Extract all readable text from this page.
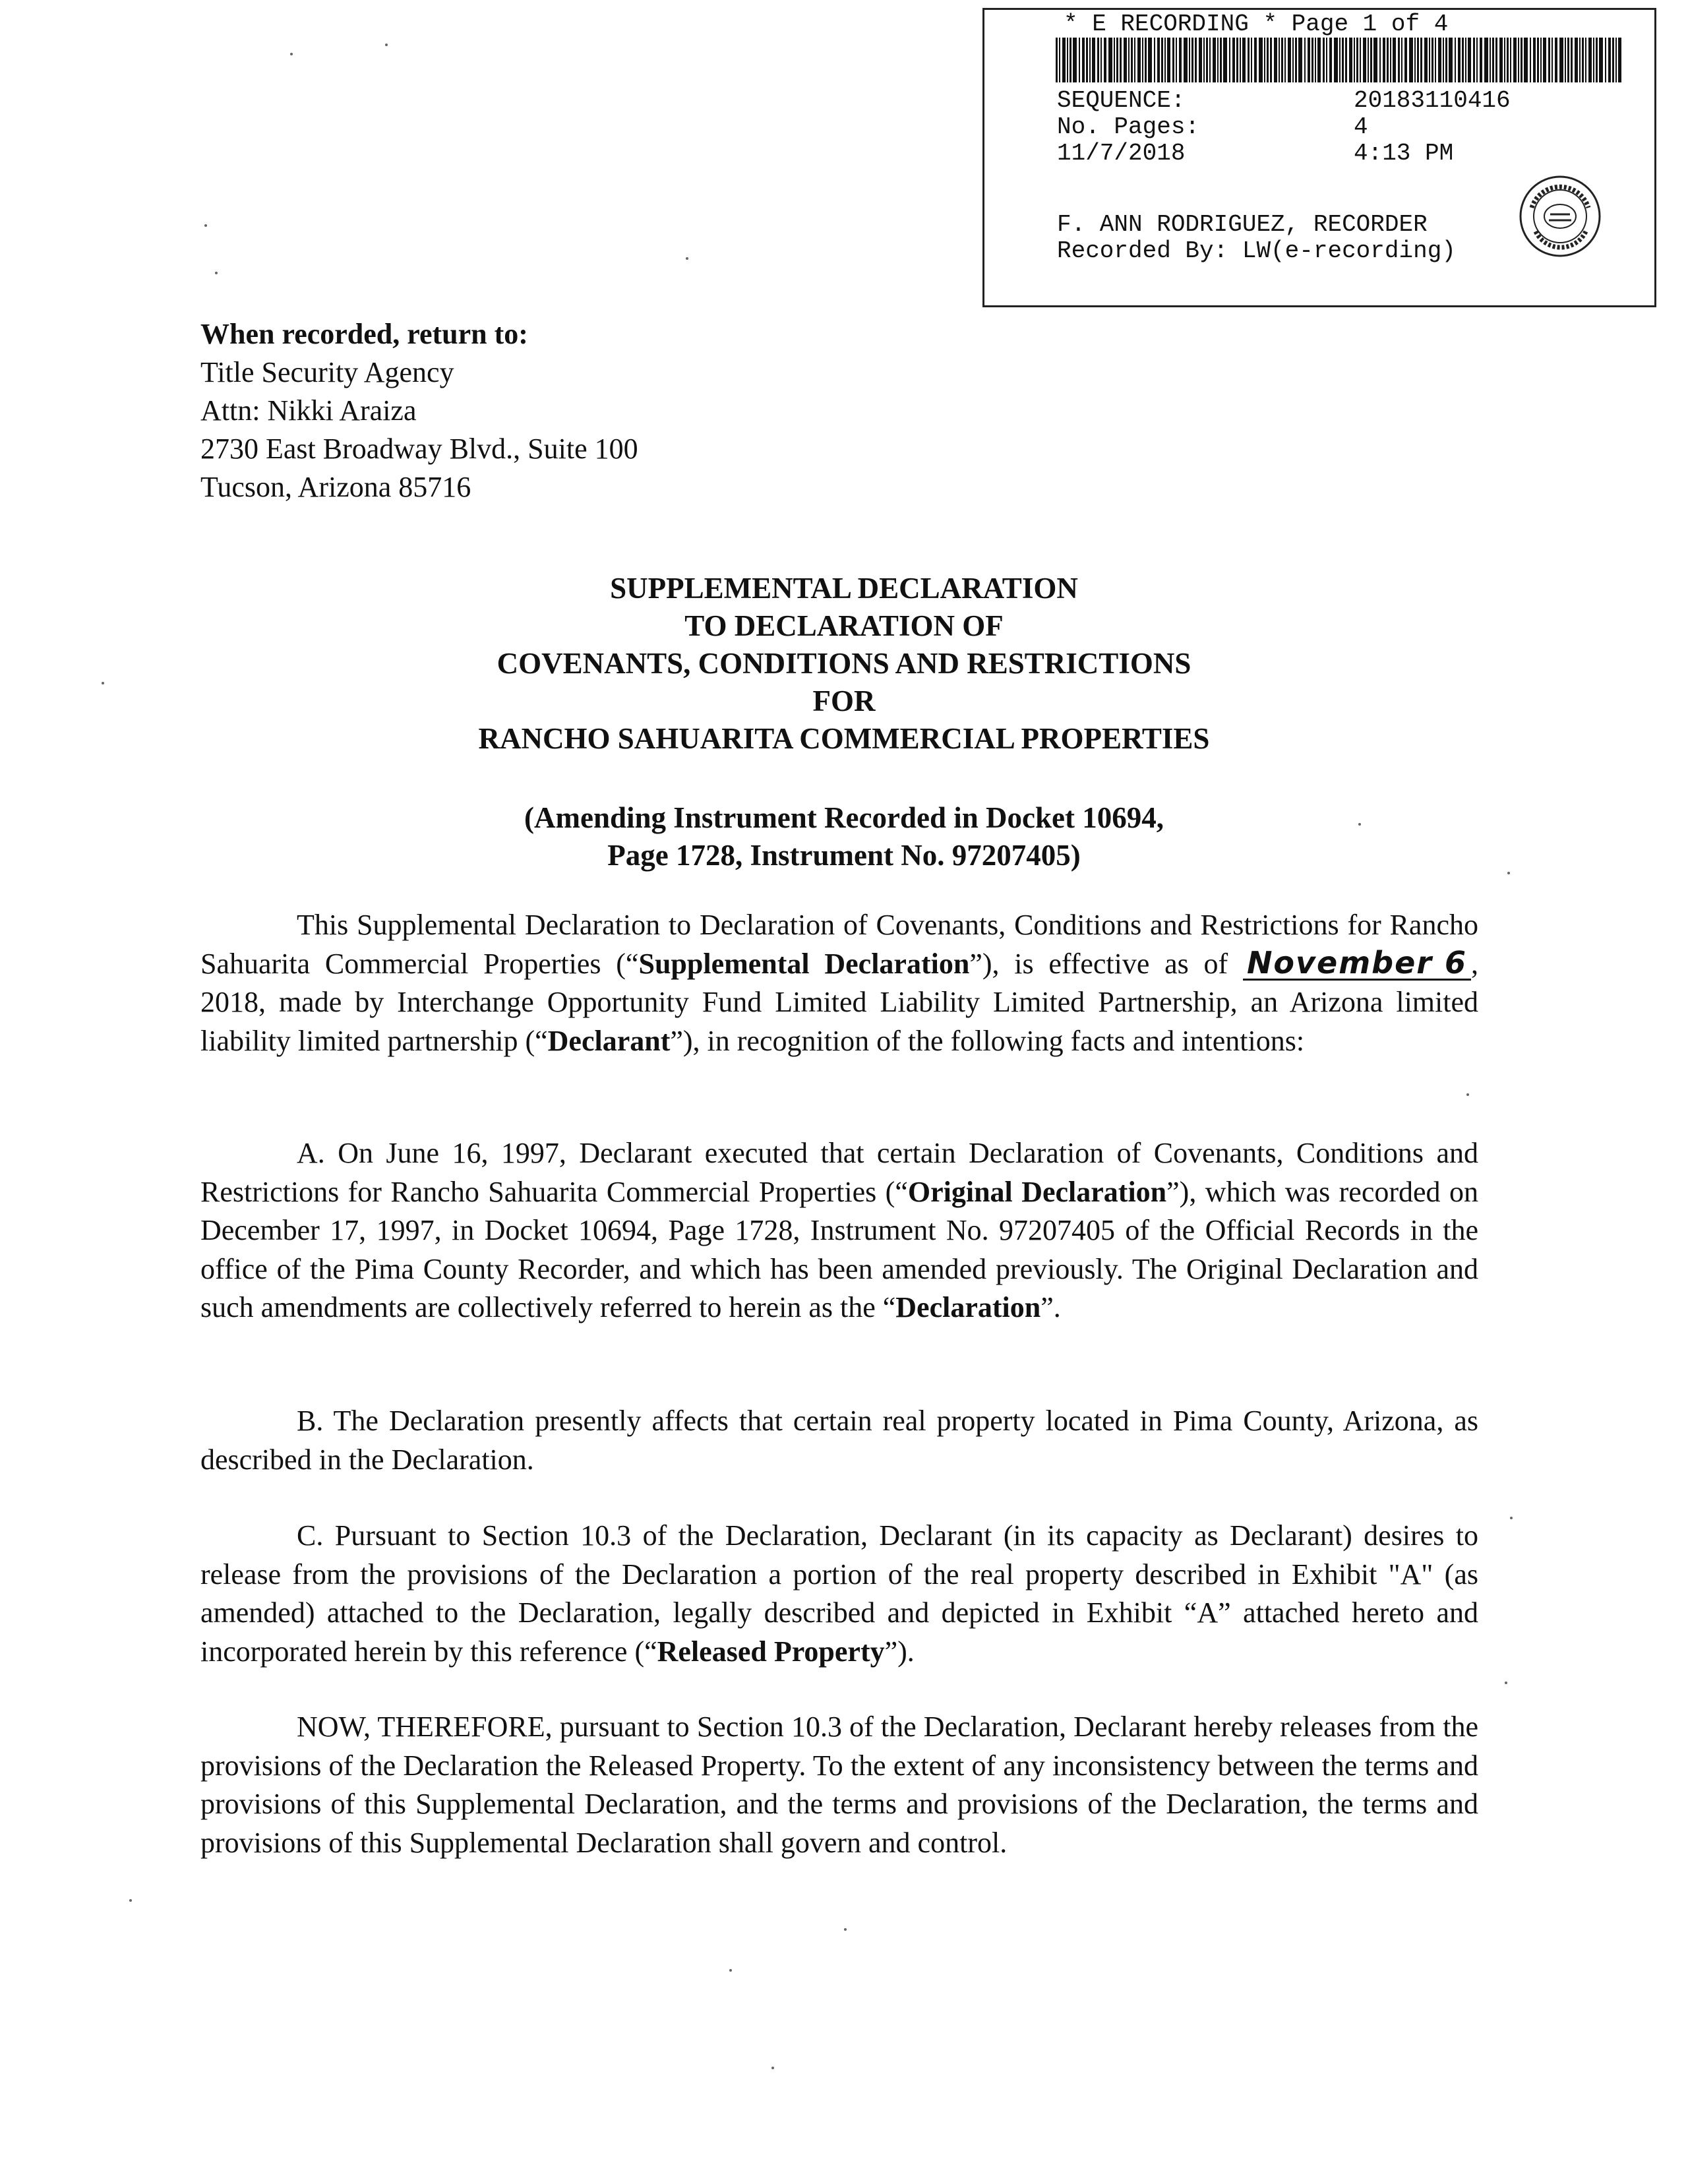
* E RECORDING * Page 1 of 4
SEQUENCE:	20183110416
No. Pages:	4
11/7/2018	4:13 PM
F. ANN RODRIGUEZ, RECORDER
Recorded By: LW(e-recording)
When recorded, return to:
Title Security Agency
Attn: Nikki Araiza
2730 East Broadway Blvd., Suite 100
Tucson, Arizona 85716
SUPPLEMENTAL DECLARATION
TO DECLARATION OF
COVENANTS, CONDITIONS AND RESTRICTIONS
FOR
RANCHO SAHUARITA COMMERCIAL PROPERTIES
(Amending Instrument Recorded in Docket 10694,
Page 1728, Instrument No. 97207405)
This Supplemental Declaration to Declaration of Covenants, Conditions and Restrictions for Rancho Sahuarita Commercial Properties (“Supplemental Declaration”), is effective as of November 6 , 2018, made by Interchange Opportunity Fund Limited Liability Limited Partnership, an Arizona limited liability limited partnership (“Declarant”), in recognition of the following facts and intentions:
A. On June 16, 1997, Declarant executed that certain Declaration of Covenants, Conditions and Restrictions for Rancho Sahuarita Commercial Properties (“Original Declaration”), which was recorded on December 17, 1997, in Docket 10694, Page 1728, Instrument No. 97207405 of the Official Records in the office of the Pima County Recorder, and which has been amended previously. The Original Declaration and such amendments are collectively referred to herein as the “Declaration”.
B. The Declaration presently affects that certain real property located in Pima County, Arizona, as described in the Declaration.
C. Pursuant to Section 10.3 of the Declaration, Declarant (in its capacity as Declarant) desires to release from the provisions of the Declaration a portion of the real property described in Exhibit "A" (as amended) attached to the Declaration, legally described and depicted in Exhibit “A” attached hereto and incorporated herein by this reference (“Released Property”).
NOW, THEREFORE, pursuant to Section 10.3 of the Declaration, Declarant hereby releases from the provisions of the Declaration the Released Property. To the extent of any inconsistency between the terms and provisions of this Supplemental Declaration, and the terms and provisions of the Declaration, the terms and provisions of this Supplemental Declaration shall govern and control.
